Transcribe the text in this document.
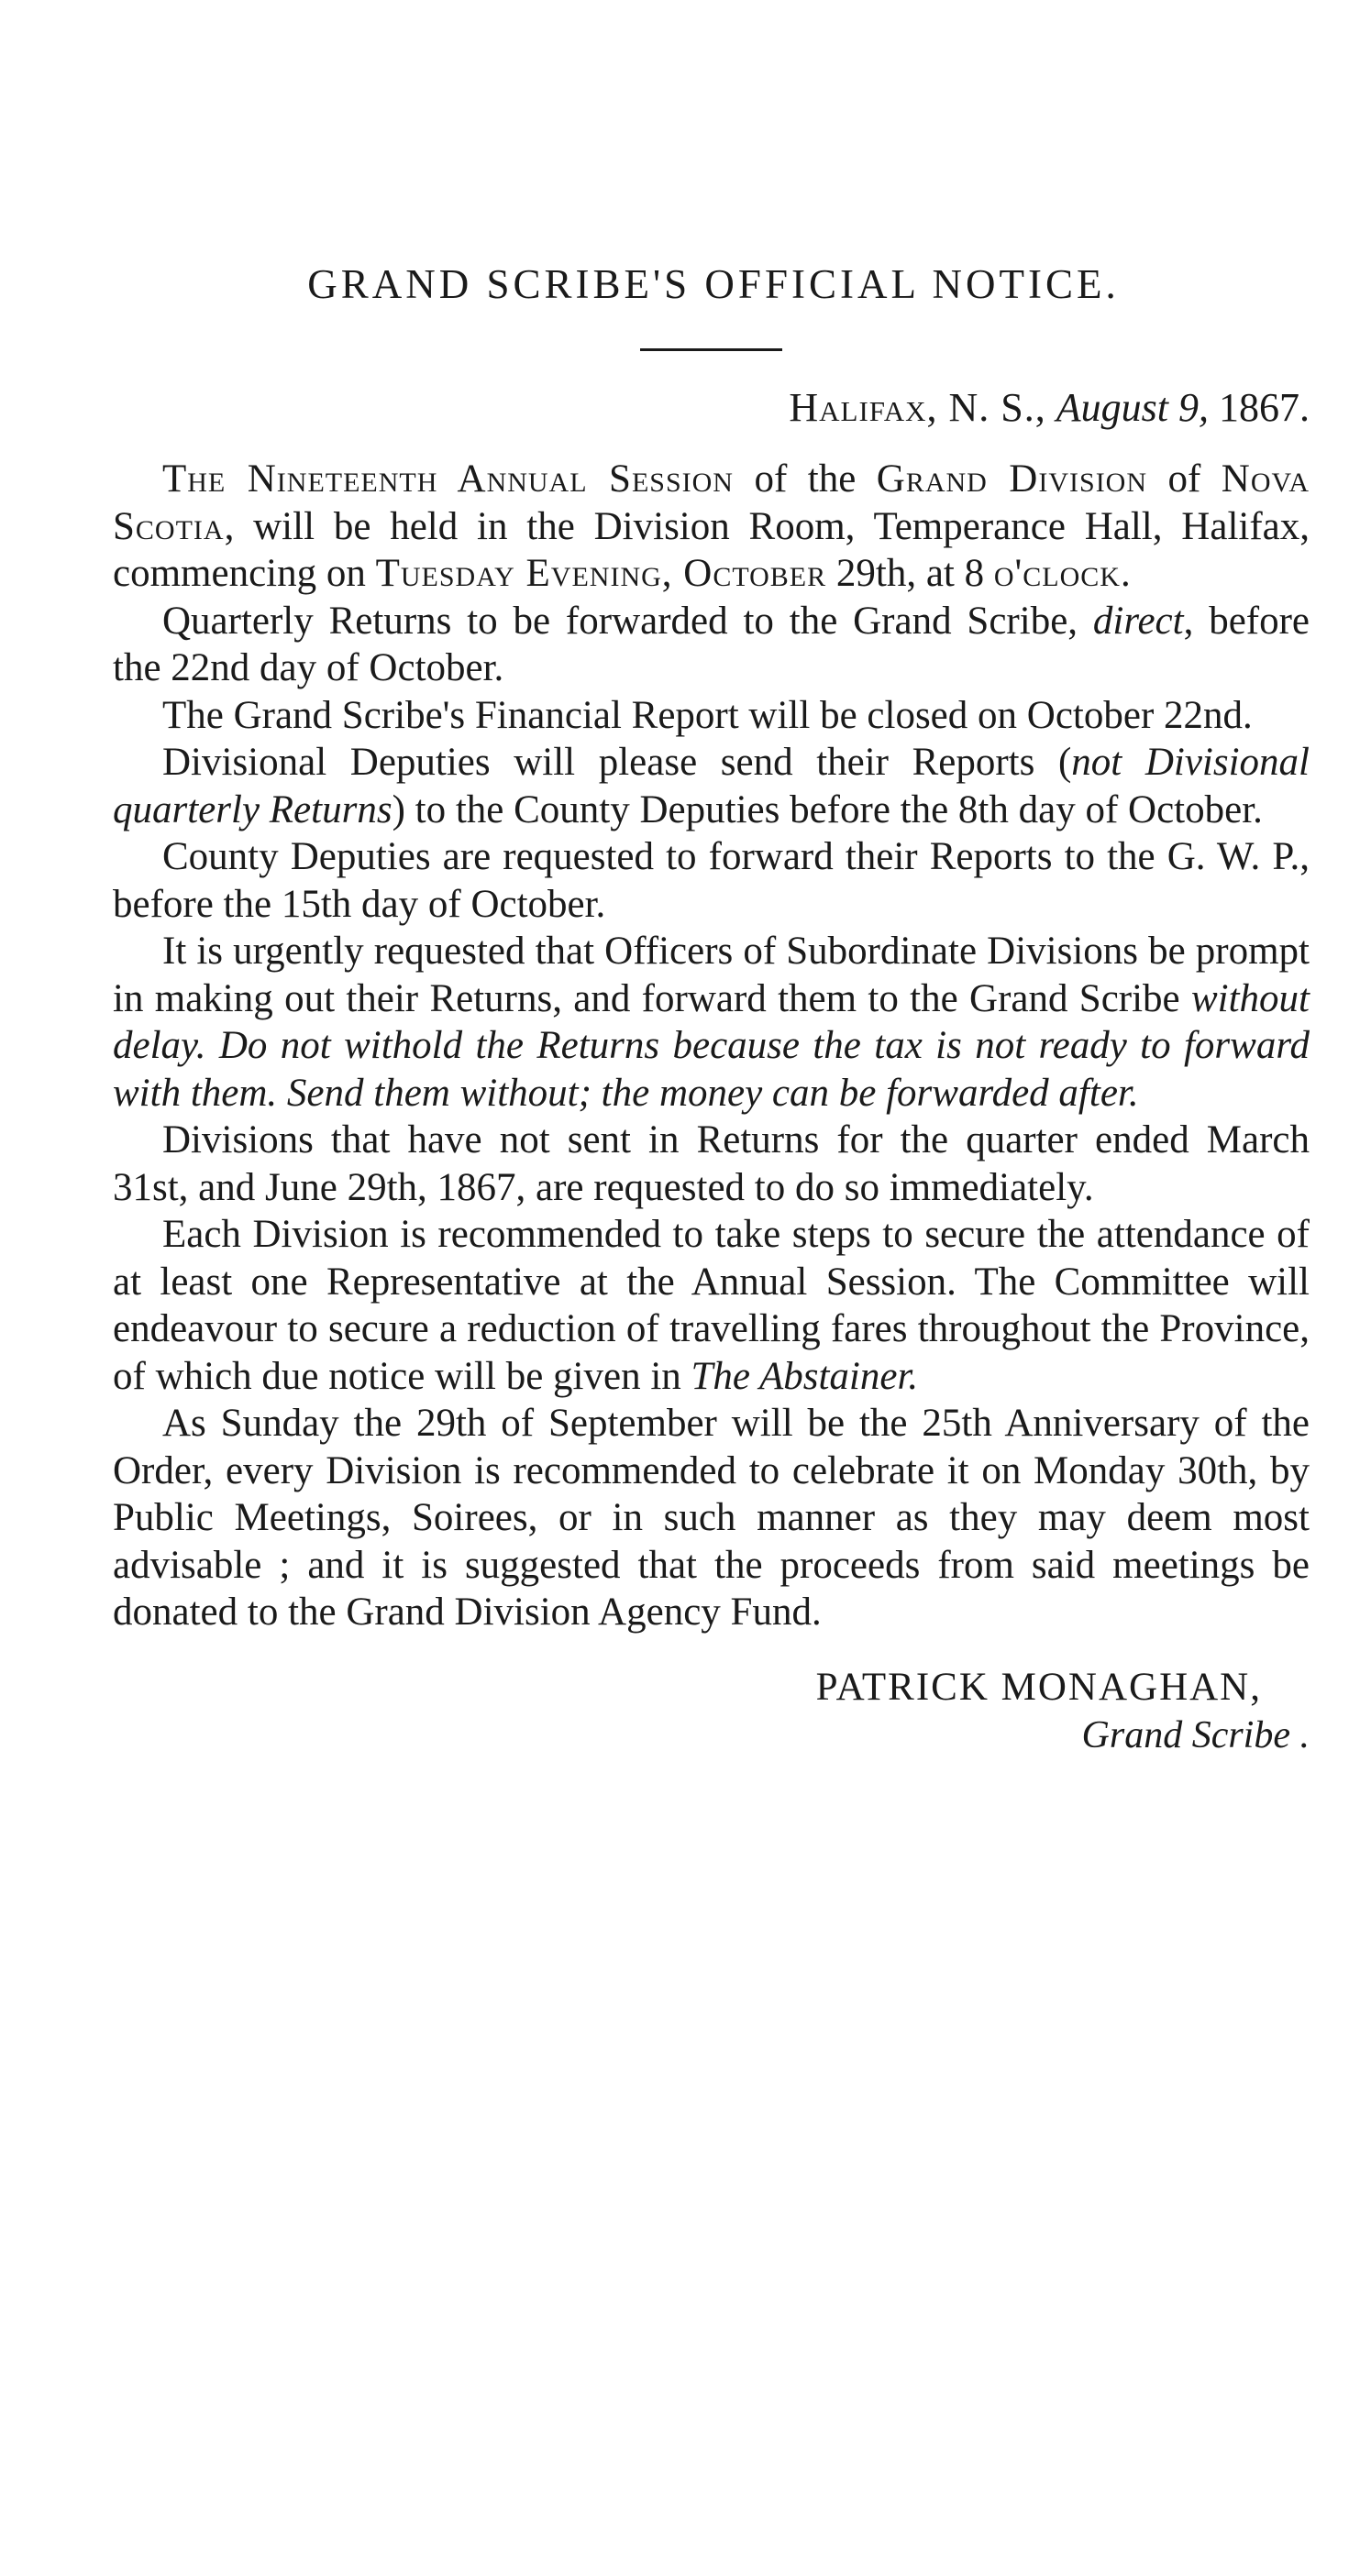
GRAND SCRIBE'S OFFICIAL NOTICE.
Halifax, N. S., August 9, 1867.

The Nineteenth Annual Session of the Grand Division of Nova Scotia, will be held in the Division Room, Temperance Hall, Halifax, commencing on Tuesday Evening, October 29th, at 8 o'clock.

Quarterly Returns to be forwarded to the Grand Scribe, direct, before the 22nd day of October.

The Grand Scribe's Financial Report will be closed on October 22nd.

Divisional Deputies will please send their Reports (not Divisional quarterly Returns) to the County Deputies before the 8th day of October.

County Deputies are requested to forward their Reports to the G. W. P., before the 15th day of October.

It is urgently requested that Officers of Subordinate Divisions be prompt in making out their Returns, and forward them to the Grand Scribe without delay. Do not withold the Returns because the tax is not ready to forward with them. Send them without; the money can be forwarded after.

Divisions that have not sent in Returns for the quarter ended March 31st, and June 29th, 1867, are requested to do so immediately.

Each Division is recommended to take steps to secure the attendance of at least one Representative at the Annual Session. The Committee will endeavour to secure a reduction of travelling fares throughout the Province, of which due notice will be given in The Abstainer.

As Sunday the 29th of September will be the 25th Anniversary of the Order, every Division is recommended to celebrate it on Monday 30th, by Public Meetings, Soirees, or in such manner as they may deem most advisable ; and it is suggested that the proceeds from said meetings be donated to the Grand Division Agency Fund.

PATRICK MONAGHAN,
Grand Scribe .
